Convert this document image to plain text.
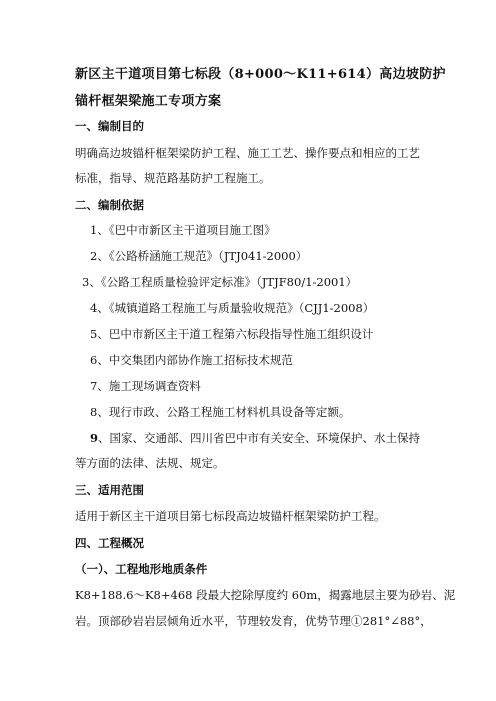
新区主干道项目第七标段（8+000～K11+614）高边坡防护
锚杆框架梁施工专项方案
一、编制目的
明确高边坡锚杆框架梁防护工程、施工工艺、操作要点和相应的工艺
标准，指导、规范路基防护工程施工。
二、编制依据
1、《巴中市新区主干道项目施工图》
2、《公路桥涵施工规范》（JTJ041-2000）
3、《公路工程质量检验评定标准》（JTJF80/1-2001）
4、《城镇道路工程施工与质量验收规范》（CJJ1-2008）
5、巴中市新区主干道工程第六标段指导性施工组织设计
6、中交集团内部协作施工招标技术规范
7、施工现场调查资料
8、现行市政、公路工程施工材料机具设备等定额。
9、国家、交通部、四川省巴中市有关安全、环境保护、水土保持
等方面的法律、法规、规定。
三、适用范围
适用于新区主干道项目第七标段高边坡锚杆框架梁防护工程。
四、工程概况
（一）、工程地形地质条件
K8+188.6～K8+468 段最大挖除厚度约 60m，揭露地层主要为砂岩、泥
岩。顶部砂岩岩层倾角近水平，节理较发育，优势节理①281°∠88°，
